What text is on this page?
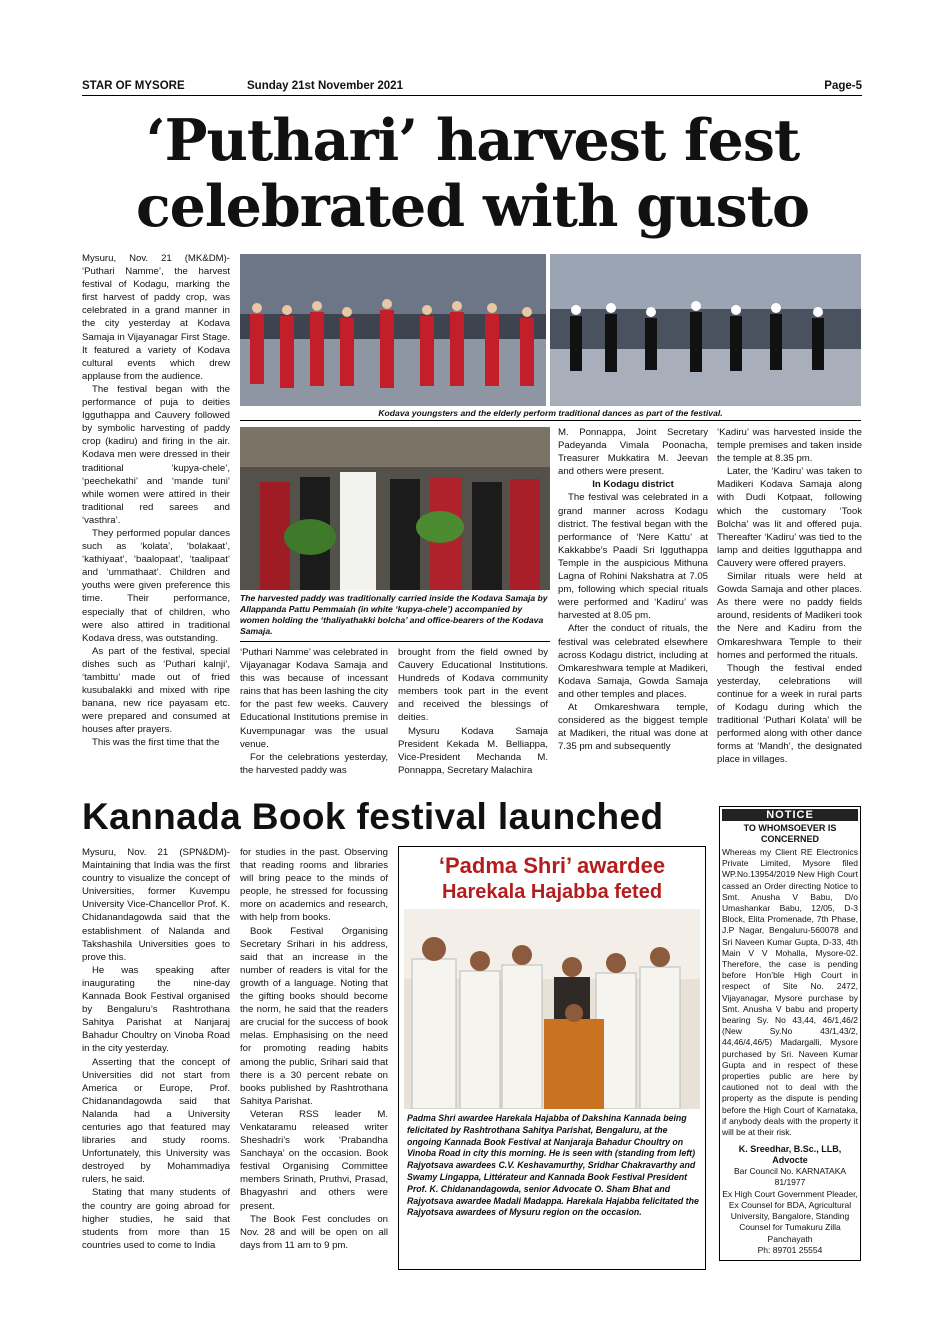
STAR OF MYSORE	Sunday 21st November 2021	Page-5
‘Puthari’ harvest fest
celebrated with gusto

Mysuru, Nov. 21 (MK&DM)- ‘Puthari Namme’, the harvest festival of Kodagu, marking the first harvest of paddy crop, was celebrated in a grand manner in the city yesterday at Kodava Samaja in Vijayanagar First Stage. It featured a variety of Kodava cultural events which drew applause from the audience.

The festival began with the performance of puja to deities Igguthappa and Cauvery followed by symbolic harvesting of paddy crop (kadiru) and firing in the air. Kodava men were dressed in their traditional ‘kupya-chele’, ‘peechekathi’ and ‘mande tuni’ while women were attired in their traditional red sarees and ‘vasthra’.

They performed popular dances such as ‘kolata’, ‘bolakaat’, ‘kathiyaat’, ‘baalopaat’, ‘taalipaat’ and ‘ummathaat’. Children and youths were given preference this time. Their performance, especially that of children, who were also attired in traditional Kodava dress, was outstanding.

As part of the festival, special dishes such as ‘Puthari kalnji’, ‘tambittu’ made out of fried kusubalakki and mixed with ripe banana, new rice payasam etc. were prepared and consumed at houses after prayers.

This was the first time that the

Kodava youngsters and the elderly perform traditional dances as part of the festival.
The harvested paddy was traditionally carried inside the Kodava Samaja by Allappanda Pattu Pemmaiah (in white ‘kupya-chele’) accompanied by women holding the ‘thaliyathakki bolcha’ and office-bearers of the Kodava Samaja.

‘Puthari Namme’ was celebrated in Vijayanagar Kodava Samaja and this was because of incessant rains that has been lashing the city for the past few weeks. Cauvery Educational Institutions premise in Kuvempunagar was the usual venue.

For the celebrations yesterday, the harvested paddy was

brought from the field owned by Cauvery Educational Institutions. Hundreds of Kodava community members took part in the event and received the blessings of deities.

Mysuru Kodava Samaja President Kekada M. Belliappa, Vice-President Mechanda M. Ponnappa, Secretary Malachira

M. Ponnappa, Joint Secretary Padeyanda Vimala Poonacha, Treasurer Mukkatira M. Jeevan and others were present.

In Kodagu district

The festival was celebrated in a grand manner across Kodagu district. The festival began with the performance of ‘Nere Kattu’ at Kakkabbe’s Paadi Sri Igguthappa Temple in the auspicious Mithuna Lagna of Rohini Nakshatra at 7.05 pm, following which special rituals were performed and ‘Kadiru’ was harvested at 8.05 pm.

After the conduct of rituals, the festival was celebrated elsewhere across Kodagu district, including at Omkareshwara temple at Madikeri, Kodava Samaja, Gowda Samaja and other temples and places.

At Omkareshwara temple, considered as the biggest temple at Madikeri, the ritual was done at 7.35 pm and subsequently

‘Kadiru’ was harvested inside the temple premises and taken inside the temple at 8.35 pm.

Later, the ‘Kadiru’ was taken to Madikeri Kodava Samaja along with Dudi Kotpaat, following which the customary ‘Took Bolcha’ was lit and offered puja. Thereafter ‘Kadiru’ was tied to the lamp and deities Igguthappa and Cauvery were offered prayers.

Similar rituals were held at Gowda Samaja and other places. As there were no paddy fields around, residents of Madikeri took the Nere and Kadiru from the Omkareshwara Temple to their homes and performed the rituals.

Though the festival ended yesterday, celebrations will continue for a week in rural parts of Kodagu during which the traditional ‘Puthari Kolata’ will be performed along with other dance forms at ‘Mandh’, the designated place in villages.

Kannada Book festival launched

Mysuru, Nov. 21 (SPN&DM)- Maintaining that India was the first country to visualize the concept of Universities, former Kuvempu University Vice-Chancellor Prof. K. Chidanandagowda said that the establishment of Nalanda and Takshashila Universities goes to prove this.

He was speaking after inaugurating the nine-day Kannada Book Festival organised by Bengaluru’s Rashtrothana Sahitya Parishat at Nanjaraj Bahadur Choultry on Vinoba Road in the city yesterday.

Asserting that the concept of Universities did not start from America or Europe, Prof. Chidanandagowda said that Nalanda had a University centuries ago that featured may libraries and study rooms. Unfortunately, this University was destroyed by Mohammadiya rulers, he said.

Stating that many students of the country are going abroad for higher studies, he said that students from more than 15 countries used to come to India

for studies in the past. Observing that reading rooms and libraries will bring peace to the minds of people, he stressed for focussing more on academics and research, with help from books.

Book Festival Organising Secretary Srihari in his address, said that an increase in the number of readers is vital for the growth of a language. Noting that the gifting books should become the norm, he said that the readers are crucial for the success of book melas. Emphasising on the need for promoting reading habits among the public, Srihari said that there is a 30 percent rebate on books published by Rashtrothana Sahitya Parishat.

Veteran RSS leader M. Venkataramu released writer Sheshadri’s work ‘Prabandha Sanchaya’ on the occasion. Book festival Organising Committee members Srinath, Pruthvi, Prasad, Bhagyashri and others were present.

The Book Fest concludes on Nov. 28 and will be open on all days from 11 am to 9 pm.

‘Padma Shri’ awardee
Harekala Hajabba feted
Padma Shri awardee Harekala Hajabba of Dakshina Kannada being felicitated by Rashtrothana Sahitya Parishat, Bengaluru, at the ongoing Kannada Book Festival at Nanjaraja Bahadur Choultry on Vinoba Road in city this morning. He is seen with (standing from left) Rajyotsava awardees C.V. Keshavamurthy, Sridhar Chakravarthy and Swamy Lingappa, Littérateur and Kannada Book Festival President Prof. K. Chidanandagowda, senior Advocate O. Sham Bhat and Rajyotsava awardee Madali Madappa. Harekala Hajabba felicitated the Rajyotsava awardees of Mysuru region on the occasion.
NOTICE
TO WHOMSOEVER IS CONCERNED
Whereas my Client RE Electronics Private Limited, Mysore filed WP.No.13954/2019 New High Court cassed an Order directing Notice to Smt. Anusha V Babu, D/o Umashankar Babu, 12/05, D-3 Block, Elita Promenade, 7th Phase, J.P Nagar, Bengaluru-560078 and Sri Naveen Kumar Gupta, D-33, 4th Main V V Mohalla, Mysore-02. Therefore, the case is pending before Hon’ble High Court in respect of Site No. 2472, Vijayanagar, Mysore purchase by Smt. Anusha V babu and property bearing Sy. No 43,44, 46/1,46/2 (New Sy.No 43/1,43/2, 44,46/4,46/5) Madargalli, Mysore purchased by Sri. Naveen Kumar Gupta and in respect of these properties public are here by cautioned not to deal with the property as the dispute is pending before the High Court of Karnataka, if anybody deals with the property it will be at their risk.
K. Sreedhar, B.Sc., LLB, Advocte
Bar Council No. KARNATAKA 81/1977
Ex High Court Government Pleader, Ex Counsel for BDA, Agricultural University, Bangalore, Standing Counsel for Tumakuru Zilla Panchayath
Ph: 89701 25554
